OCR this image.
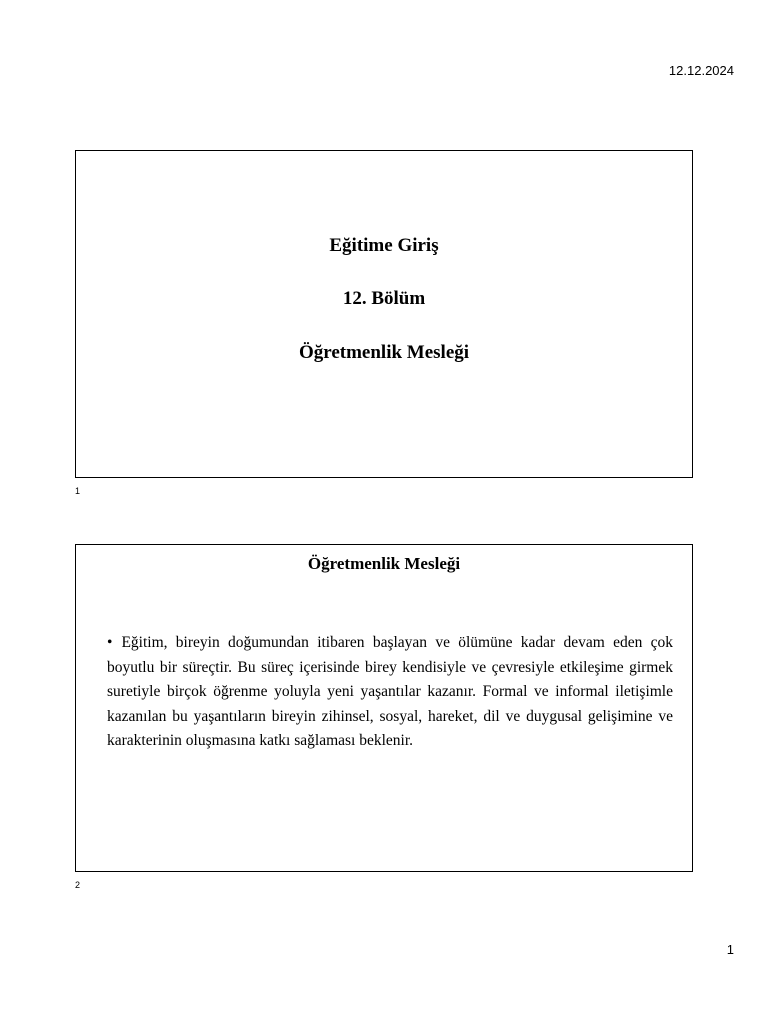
12.12.2024
Eğitime Giriş
12. Bölüm
Öğretmenlik Mesleği
1
Öğretmenlik Mesleği
• Eğitim, bireyin doğumundan itibaren başlayan ve ölümüne kadar devam eden çok boyutlu bir süreçtir. Bu süreç içerisinde birey kendisiyle ve çevresiyle etkileşime girmek suretiyle birçok öğrenme yoluyla yeni yaşantılar kazanır. Formal ve informal iletişimle kazanılan bu yaşantıların bireyin zihinsel, sosyal, hareket, dil ve duygusal gelişimine ve karakterinin oluşmasına katkı sağlaması beklenir.
2
1
